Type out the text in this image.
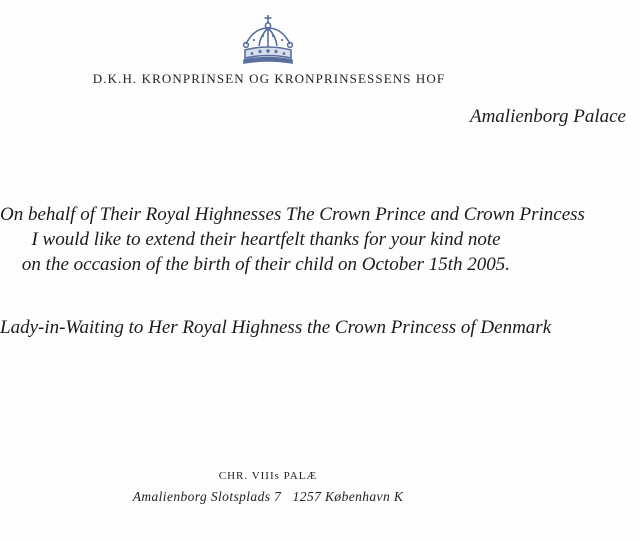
D.K.H. KRONPRINSEN OG KRONPRINSESSENS HOF
Amalienborg Palace
On behalf of Their Royal Highnesses The Crown Prince and Crown Princess
I would like to extend their heartfelt thanks for your kind note
on the occasion of the birth of their child on October 15th 2005.
Lady-in-Waiting to Her Royal Highness the Crown Princess of Denmark
CHR. VIIIs PALÆ
Amalienborg Slotsplads 7 1257 København K
